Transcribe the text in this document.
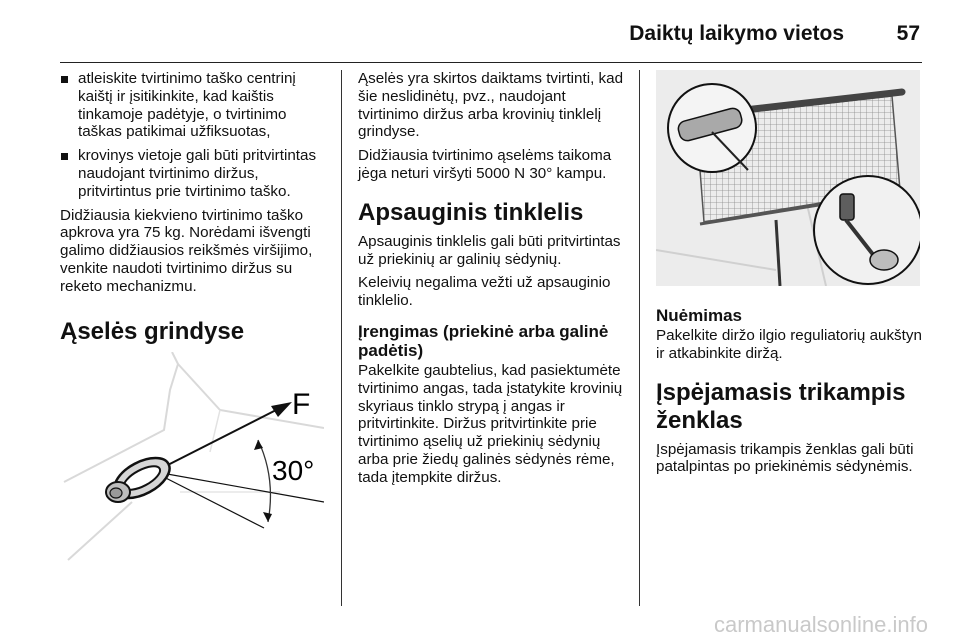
Daiktų laikymo vietos	57
atleiskite tvirtinimo taško centrinį kaištį ir įsitikinkite, kad kaištis tinkamoje padėtyje, o tvirtinimo taškas patikimai užfiksuotas,
krovinys vietoje gali būti pritvirtintas naudojant tvirtinimo diržus, pritvirtintus prie tvirtinimo taško.

Didžiausia kiekvieno tvirtinimo taško apkrova yra 75 kg. Norėdami išvengti galimo didžiausios reikšmės viršijimo, venkite naudoti tvirtinimo diržus su reketo mechanizmu.

Ąselės grindyse
F
30°

Ąselės yra skirtos daiktams tvirtinti, kad šie neslidinėtų, pvz., naudojant tvirtinimo diržus arba krovinių tinklelį grindyse.

Didžiausia tvirtinimo ąselėms taikoma jėga neturi viršyti 5000 N 30° kampu.

Apsauginis tinklelis

Apsauginis tinklelis gali būti pritvirtintas už priekinių ar galinių sėdynių.

Keleivių negalima vežti už apsauginio tinklelio.

Įrengimas (priekinė arba galinė padėtis)

Pakelkite gaubtelius, kad pasiektumėte tvirtinimo angas, tada įstatykite krovinių skyriaus tinklo strypą į angas ir pritvirtinkite. Diržus pritvirtinkite prie tvirtinimo ąselių už priekinių sėdynių arba prie žiedų galinės sėdynės rėme, tada įtempkite diržus.

Nuėmimas

Pakelkite diržo ilgio reguliatorių aukštyn ir atkabinkite diržą.

Įspėjamasis trikampis ženklas

Įspėjamasis trikampis ženklas gali būti patalpintas po priekinėmis sėdynėmis.

carmanualsonline.info
